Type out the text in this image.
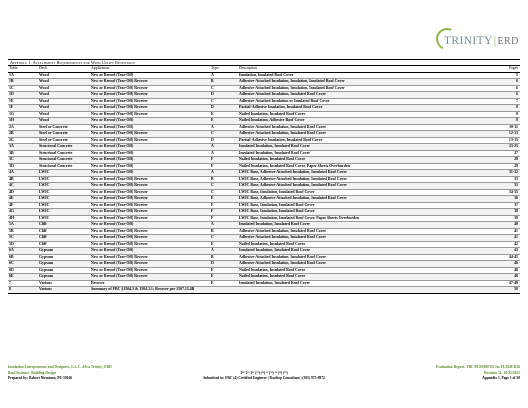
TRINITY|ERD
Appendix 1: Attachment Requirements for Wind Uplift Resistance
Table	Deck	Application	Type	Description	Pages
1A	Wood	New or Reroof (Tear-Off)	A	Insulation, Insulated Roof Cover	5
1B	Wood	New or Reroof (Tear-Off) Recover	B	Adhesive-Attached Insulation, Insulation, Insulated Roof Cover	6
1C	Wood	New or Reroof (Tear-Off) Recover	C	Adhesive-Attached Insulation, Insulation, Insulated Roof Cover	6
1D	Wood	New or Reroof (Tear-Off) Recover	D	Adhesive-Attached Insulation, Insulated Roof Cover	6
1E	Wood	New or Reroof (Tear-Off) Recover	C	Adhesive-Attached Insulation or Insulated Roof Cover	7
1F	Wood	New or Reroof (Tear-Off) Recover	D	Partial-Adhesive Insulation, Insulated Roof Cover	8
1G	Wood	New or Reroof (Tear-Off) Recover	E	Nailed Insulation, Insulated Roof Cover	8
1H	Wood	New or Reroof (Tear-Off)	E	Nailed Insulation, Adhesive Roof Cover	8
2A	Steel or Concrete	New or Reroof (Tear-Off)	A	Adhesive-Attached Insulation, Insulated Roof Cover	10-11
2B	Steel or Concrete	New or Reroof (Tear-Off) Recover	C	Adhesive-Attached Insulation, Insulated Roof Cover	12-13
2C	Steel or Concrete	New or Reroof (Tear-Off) Recover	D	Partial-Adhesive Insulation, Insulated Roof Cover	13-15
3A	Structural Concrete	New or Reroof (Tear-Off)	A	Insulated Insulation, Insulated Roof Cover	23-25
3B	Structural Concrete	New or Reroof (Tear-Off)	A	Insulated Insulation, Insulated Roof Cover	27
3C	Structural Concrete	New or Reroof (Tear-Off)	F	Nailed Insulation, Insulated Roof Cover	28
3D	Structural Concrete	New or Reroof (Tear-Off)	F	Nailed Insulation, Insulated Roof Cover, Paper Sheets Overburden	29
4A	LWIC	New or Reroof (Tear-Off)	A	LWIC Base, Adhesive-Attached Insulation, Insulated Roof Cover	31-32
4B	LWIC	New or Reroof (Tear-Off) Recover	B	LWIC Base, Adhesive-Attached Insulation, Insulated Roof Cover	33
4C	LWIC	New or Reroof (Tear-Off) Recover	C	LWIC Base, Adhesive-Attached Insulation, Insulated Roof Cover	33
4D	LWIC	New or Reroof (Tear-Off) Recover	C	LWIC Base, Insulation, Insulated Roof Cover	34-35
4E	LWIC	New or Reroof (Tear-Off) Recover	E	LWIC Base, Adhesive-Attached Insulation, Insulated Roof Cover	36
4F	LWIC	New or Reroof (Tear-Off) Recover	F	LWIC Base, Insulation, Insulated Roof Cover	37
4G	LWIC	New or Reroof (Tear-Off) Recover	F	LWIC Base, Insulation, Insulated Roof Cover	38
4H	LWIC	New or Reroof (Tear-Off) Recover	F	LWIC Base, Insulation, Insulated Roof Cover, Paper Sheets Overburden	39
5A	Cliff	New or Reroof (Tear-Off)	A	Insulated Insulation, Insulated Roof Cover	40
5B	Cliff	New or Reroof (Tear-Off) Recover	B	Adhesive-Attached Insulation, Insulated Roof Cover	41
5C	Cliff	New or Reroof (Tear-Off) Recover	C	Adhesive-Attached Insulation, Insulated Roof Cover	41
5D	Cliff	New or Reroof (Tear-Off) Recover	E	Nailed Insulation, Insulated Roof Cover	42
6A	Gypsum	New or Reroof (Tear-Off)	A	Insulated Insulation, Insulated Roof Cover	43
6B	Gypsum	New or Reroof (Tear-Off) Recover	B	Adhesive-Attached Insulation, Insulated Roof Cover	44-45
6C	Gypsum	New or Reroof (Tear-Off) Recover	D	Adhesive-Attached Insulation, Insulated Roof Cover	46
6D	Gypsum	New or Reroof (Tear-Off) Recover	E	Nailed Insulation, Insulated Roof Cover	46
6E	Gypsum	New or Reroof (Tear-Off) Recover	E	Nailed Insulation, Insulated Roof Cover	46
7	Various	Recover	E	Insulated Insulation, Insulated Roof Cover	47-48
8	Various	Summary of FBC §1504.3 & 1504.3.1; Recover per 1507.13.4B			50
Insulation Entrepreneurs and Designers, L.L.C. d/b/a Trinity | ERD
Roof Systems | Building Design
Prepared by: Robert Nieminen, PE-59166

3¹⁰ 1¹⁹ 1²³ (²³) (²³) ³² (³²) ³⁹ (²³) (²³)
Submitted to: FBC (4) Certified Engineer | Rooftop Consultant | (305) 975-0972
Evaluation Report: FBC 00.00.000-R1 for FL3848-R16
Revision 11: 10/25/2022
Appendix 1, Page 1 of 50
